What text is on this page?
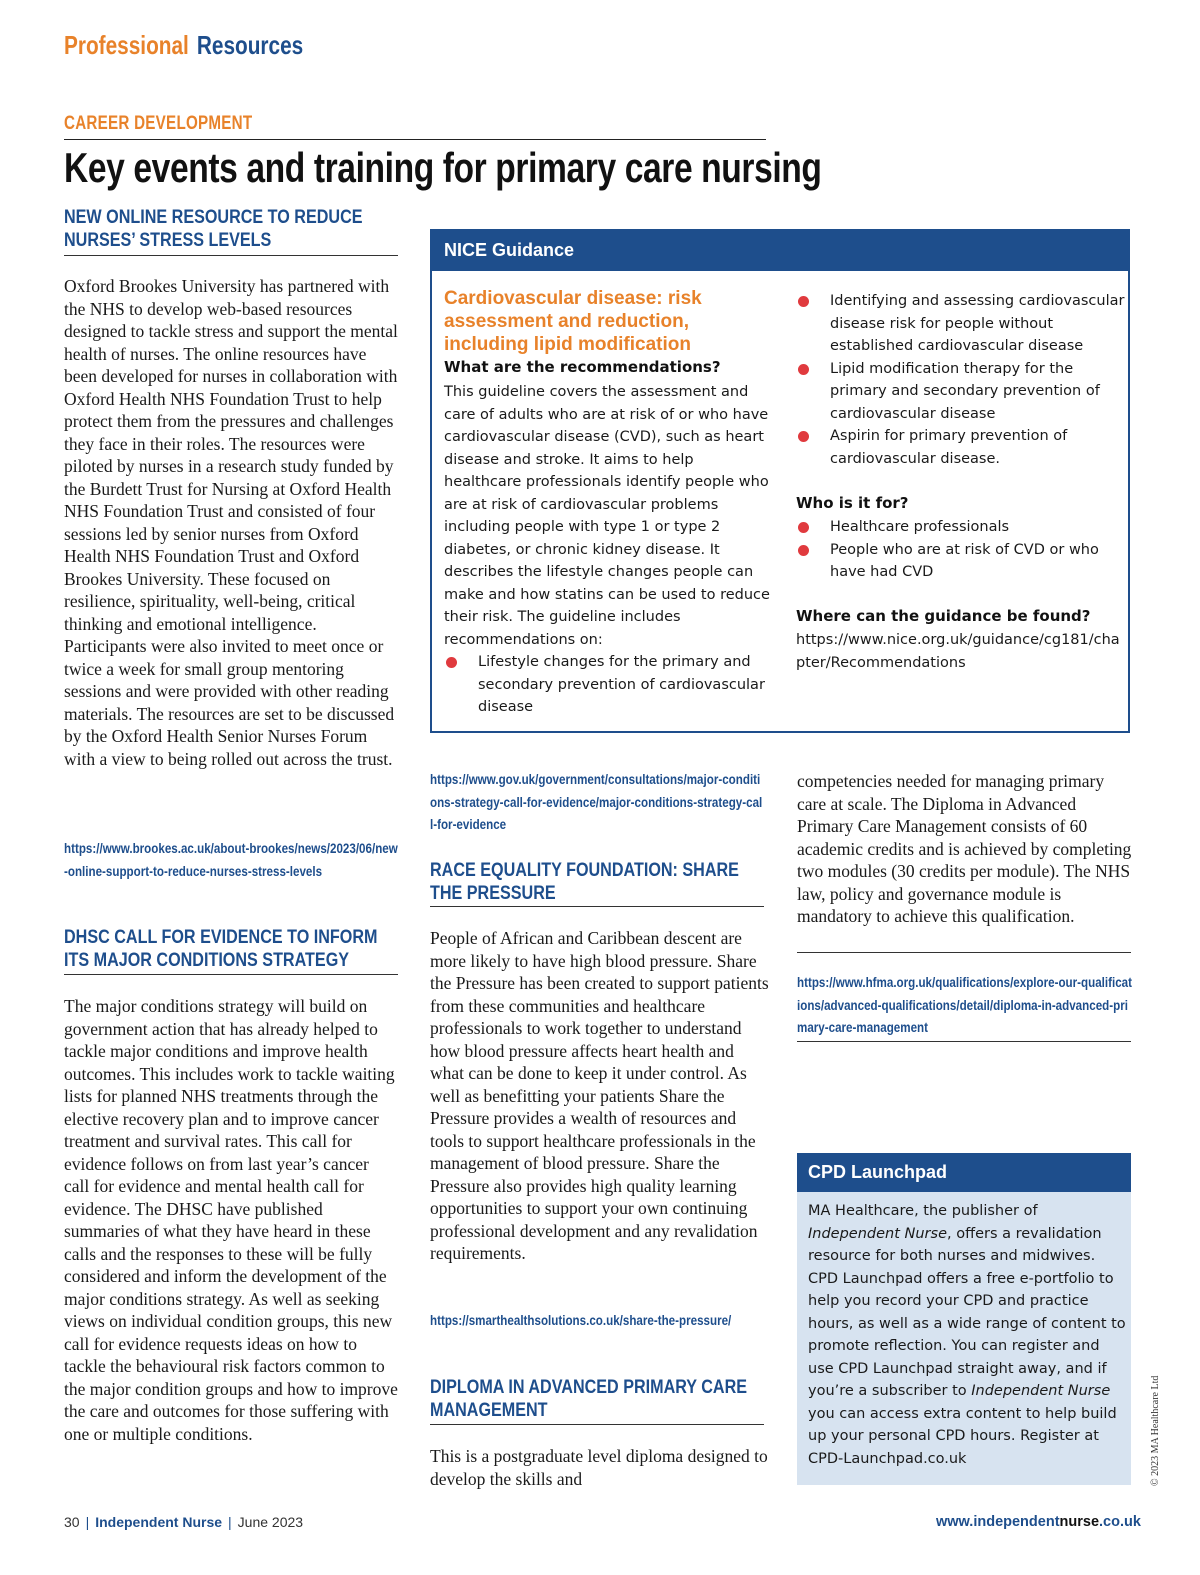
Professional Resources
CAREER DEVELOPMENT
Key events and training for primary care nursing
NEW ONLINE RESOURCE TO REDUCE NURSES’ STRESS LEVELS
Oxford Brookes University has partnered with the NHS to develop web-based resources designed to tackle stress and support the mental health of nurses. The online resources have been developed for nurses in collaboration with Oxford Health NHS Foundation Trust to help protect them from the pressures and challenges they face in their roles. The resources were piloted by nurses in a research study funded by the Burdett Trust for Nursing at Oxford Health NHS Foundation Trust and consisted of four sessions led by senior nurses from Oxford Health NHS Foundation Trust and Oxford Brookes University. These focused on resilience, spirituality, well-being, critical thinking and emotional intelligence. Participants were also invited to meet once or twice a week for small group mentoring sessions and were provided with other reading materials. The resources are set to be discussed by the Oxford Health Senior Nurses Forum with a view to being rolled out across the trust.
https://www.brookes.ac.uk/about-brookes/news/2023/06/new-online-support-to-reduce-nurses-stress-levels
DHSC CALL FOR EVIDENCE TO INFORM ITS MAJOR CONDITIONS STRATEGY
The major conditions strategy will build on government action that has already helped to tackle major conditions and improve health outcomes. This includes work to tackle waiting lists for planned NHS treatments through the elective recovery plan and to improve cancer treatment and survival rates. This call for evidence follows on from last year’s cancer call for evidence and mental health call for evidence. The DHSC have published summaries of what they have heard in these calls and the responses to these will be fully considered and inform the development of the major conditions strategy. As well as seeking views on individual condition groups, this new call for evidence requests ideas on how to tackle the behavioural risk factors common to the major condition groups and how to improve the care and outcomes for those suffering with one or multiple conditions.
NICE Guidance
Cardiovascular disease: risk assessment and reduction, including lipid modification
What are the recommendations?
This guideline covers the assessment and care of adults who are at risk of or who have cardiovascular disease (CVD), such as heart disease and stroke. It aims to help healthcare professionals identify people who are at risk of cardiovascular problems including people with type 1 or type 2 diabetes, or chronic kidney disease. It describes the lifestyle changes people can make and how statins can be used to reduce their risk. The guideline includes recommendations on:
Lifestyle changes for the primary and secondary prevention of cardiovascular disease
Identifying and assessing cardiovascular disease risk for people without established cardiovascular disease
Lipid modification therapy for the primary and secondary prevention of cardiovascular disease
Aspirin for primary prevention of cardiovascular disease.
Who is it for?
Healthcare professionals
People who are at risk of CVD or who have had CVD
Where can the guidance be found?
https://www.nice.org.uk/guidance/cg181/chapter/Recommendations
https://www.gov.uk/government/consultations/major-conditions-strategy-call-for-evidence/major-conditions-strategy-call-for-evidence
RACE EQUALITY FOUNDATION: SHARE THE PRESSURE
People of African and Caribbean descent are more likely to have high blood pressure. Share the Pressure has been created to support patients from these communities and healthcare professionals to work together to understand how blood pressure affects heart health and what can be done to keep it under control. As well as benefitting your patients Share the Pressure provides a wealth of resources and tools to support healthcare professionals in the management of blood pressure. Share the Pressure also provides high quality learning opportunities to support your own continuing professional development and any revalidation requirements.
https://smarthealthsolutions.co.uk/share-the-pressure/
DIPLOMA IN ADVANCED PRIMARY CARE MANAGEMENT
This is a postgraduate level diploma designed to develop the skills and
competencies needed for managing primary care at scale. The Diploma in Advanced Primary Care Management consists of 60 academic credits and is achieved by completing two modules (30 credits per module). The NHS law, policy and governance module is mandatory to achieve this qualification.
https://www.hfma.org.uk/qualifications/explore-our-qualifications/advanced-qualifications/detail/diploma-in-advanced-primary-care-management
CPD Launchpad
MA Healthcare, the publisher of Independent Nurse, offers a revalidation resource for both nurses and midwives. CPD Launchpad offers a free e-portfolio to help you record your CPD and practice hours, as well as a wide range of content to promote reflection. You can register and use CPD Launchpad straight away, and if you’re a subscriber to Independent Nurse you can access extra content to help build up your personal CPD hours. Register at CPD-Launchpad.co.uk	© 2023 MA Healthcare Ltd
30 | Independent Nurse | June 2023	www.independentnurse.co.uk
